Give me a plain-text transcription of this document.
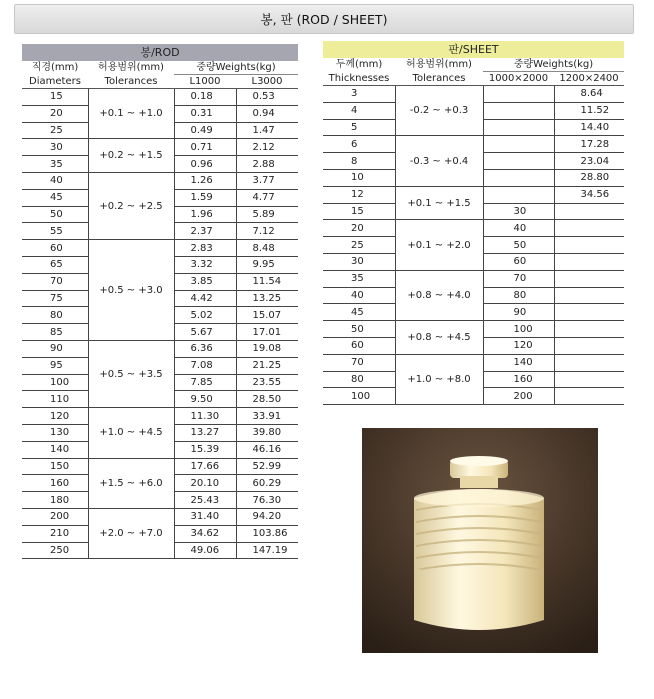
봉, 판 (ROD / SHEET)
봉/ROD			
직경(mm)	허용범위(mm)	중량Weights(kg)	
Diameters	Tolerances	L1000	L3000
15	+0.1 ~ +1.0	0.18	0.53
20		0.31	0.94
25		0.49	1.47
30	+0.2 ~ +1.5	0.71	2.12
35		0.96	2.88
40	+0.2 ~ +2.5	1.26	3.77
45		1.59	4.77
50		1.96	5.89
55		2.37	7.12
60	+0.5 ~ +3.0	2.83	8.48
65		3.32	9.95
70		3.85	11.54
75		4.42	13.25
80		5.02	15.07
85		5.67	17.01
90	+0.5 ~ +3.5	6.36	19.08
95		7.08	21.25
100		7.85	23.55
110		9.50	28.50
120	+1.0 ~ +4.5	11.30	33.91
130		13.27	39.80
140		15.39	46.16
150	+1.5 ~ +6.0	17.66	52.99
160		20.10	60.29
180		25.43	76.30
200	+2.0 ~ +7.0	31.40	94.20
210		34.62	103.86
250		49.06	147.19
판/SHEET			
두께(mm)	허용범위(mm)	중량Weights(kg)	
Thicknesses	Tolerances	1000×2000	1200×2400
3	-0.2 ~ +0.3		8.64
4			11.52
5			14.40
6	-0.3 ~ +0.4		17.28
8			23.04
10			28.80
12	+0.1 ~ +1.5		34.56
15		30	
20	+0.1 ~ +2.0	40	
25		50	
30		60	
35	+0.8 ~ +4.0	70	
40		80	
45		90	
50	+0.8 ~ +4.5	100	
60		120	
70	+1.0 ~ +8.0	140	
80		160	
100		200	
